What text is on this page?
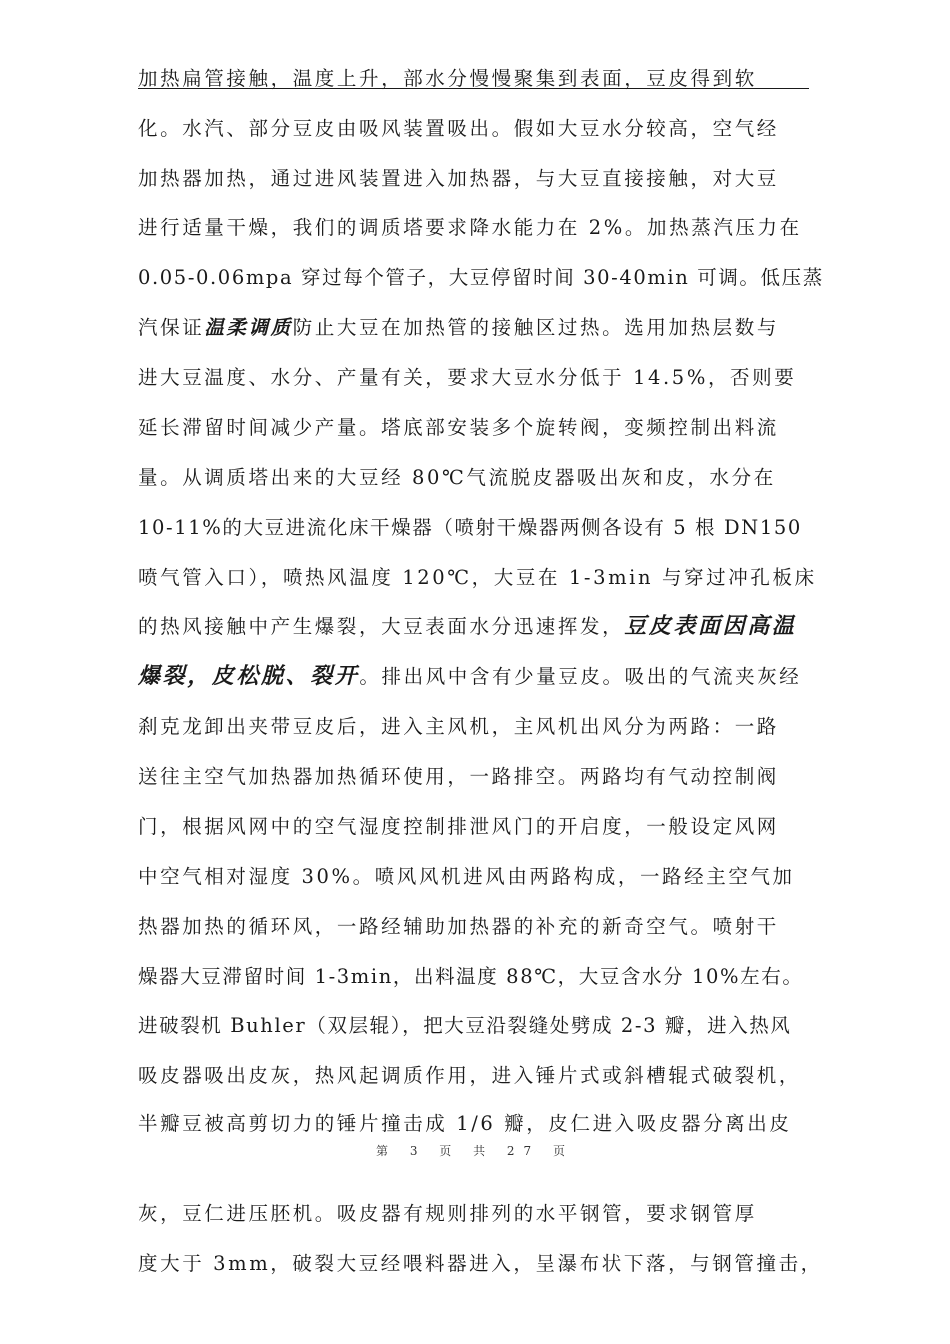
加热扁管接触，温度上升，部水分慢慢聚集到表面，豆皮得到软
化。水汽、部分豆皮由吸风装置吸出。假如大豆水分较高，空气经
加热器加热，通过进风装置进入加热器，与大豆直接接触，对大豆
进行适量干燥，我们的调质塔要求降水能力在 2%。加热蒸汽压力在
0.05-0.06mpa 穿过每个管子，大豆停留时间 30-40min 可调。低压蒸
汽保证温柔调质防止大豆在加热管的接触区过热。选用加热层数与
进大豆温度、水分、产量有关，要求大豆水分低于 14.5%，否则要
延长滞留时间减少产量。塔底部安装多个旋转阀，变频控制出料流
量。从调质塔出来的大豆经 80℃气流脱皮器吸出灰和皮，水分在
10-11%的大豆进流化床干燥器（喷射干燥器两侧各设有 5 根 DN150
喷气管入口），喷热风温度 120℃，大豆在 1-3min 与穿过冲孔板床
的热风接触中产生爆裂，大豆表面水分迅速挥发，豆皮表面因高温
爆裂，皮松脱、裂开。排出风中含有少量豆皮。吸出的气流夹灰经
刹克龙卸出夹带豆皮后，进入主风机，主风机出风分为两路：一路
送往主空气加热器加热循环使用，一路排空。两路均有气动控制阀
门，根据风网中的空气湿度控制排泄风门的开启度，一般设定风网
中空气相对湿度 30%。喷风风机进风由两路构成，一路经主空气加
热器加热的循环风，一路经辅助加热器的补充的新奇空气。喷射干
燥器大豆滞留时间 1-3min，出料温度 88℃，大豆含水分 10%左右。
进破裂机 Buhler（双层辊），把大豆沿裂缝处劈成 2-3 瓣，进入热风
吸皮器吸出皮灰，热风起调质作用，进入锤片式或斜槽辊式破裂机，
半瓣豆被高剪切力的锤片撞击成 1/6 瓣，皮仁进入吸皮器分离出皮
第 3 页 共 27 页
灰，豆仁进压胚机。吸皮器有规则排列的水平钢管，要求钢管厚
度大于 3mm，破裂大豆经喂料器进入，呈瀑布状下落，与钢管撞击，
